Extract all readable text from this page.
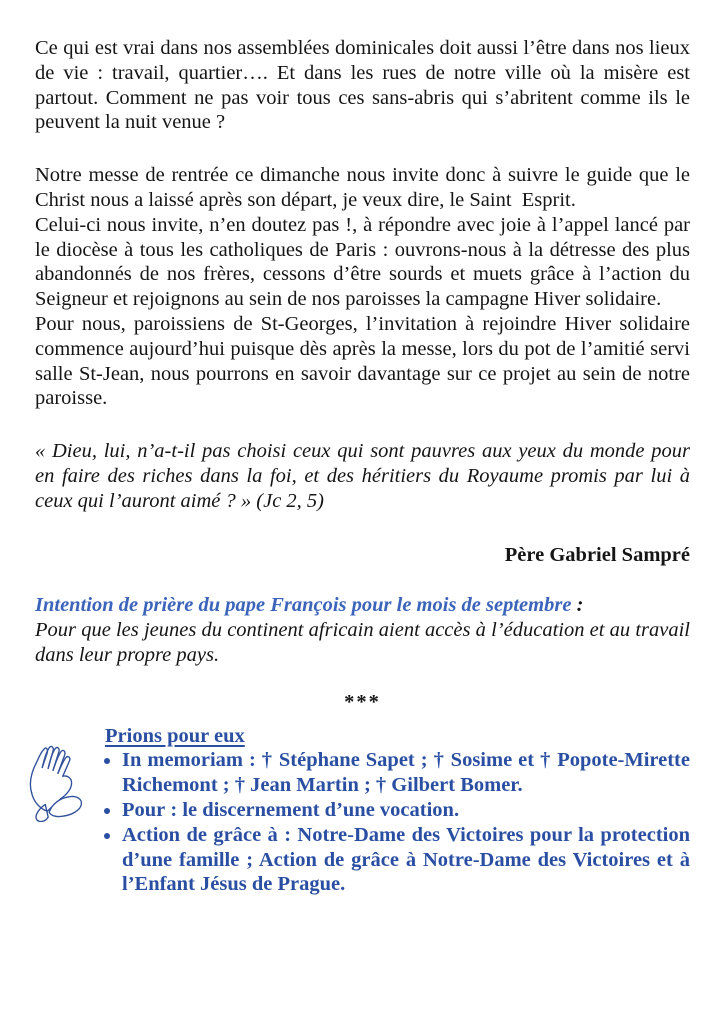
Ce qui est vrai dans nos assemblées dominicales doit aussi l’être dans nos lieux de vie : travail, quartier…. Et dans les rues de notre ville où la misère est partout. Comment ne pas voir tous ces sans-abris qui s’abritent comme ils le peuvent la nuit venue ?

Notre messe de rentrée ce dimanche nous invite donc à suivre le guide que le Christ nous a laissé après son départ, je veux dire, le Saint  Esprit.

Celui-ci nous invite, n’en doutez pas !, à répondre avec joie à l’appel lancé par le diocèse à tous les catholiques de Paris : ouvrons-nous à la détresse des plus abandonnés de nos frères, cessons d’être sourds et muets grâce à l’action du Seigneur et rejoignons au sein de nos paroisses la campagne Hiver solidaire.

Pour nous, paroissiens de St-Georges, l’invitation à rejoindre Hiver solidaire commence aujourd’hui puisque dès après la messe, lors du pot de l’amitié servi salle St-Jean, nous pourrons en savoir davantage sur ce projet au sein de notre paroisse.

« Dieu, lui, n’a-t-il pas choisi ceux qui sont pauvres aux yeux du monde pour en faire des riches dans la foi, et des héritiers du Royaume promis par lui à ceux qui l’auront aimé ? » (Jc 2, 5)

Père Gabriel Sampré

Intention de prière du pape François pour le mois de septembre :

Pour que les jeunes du continent africain aient accès à l’éducation et au travail dans leur propre pays.

***
Prions pour eux
• In memoriam : † Stéphane Sapet ; † Sosime et † Popote-Mirette Richemont ; † Jean Martin ; † Gilbert Bomer.
• Pour : le discernement d’une vocation.
• Action de grâce à : Notre-Dame des Victoires pour la protection d’une famille ; Action de grâce à Notre-Dame des Victoires et à l’Enfant Jésus de Prague.
